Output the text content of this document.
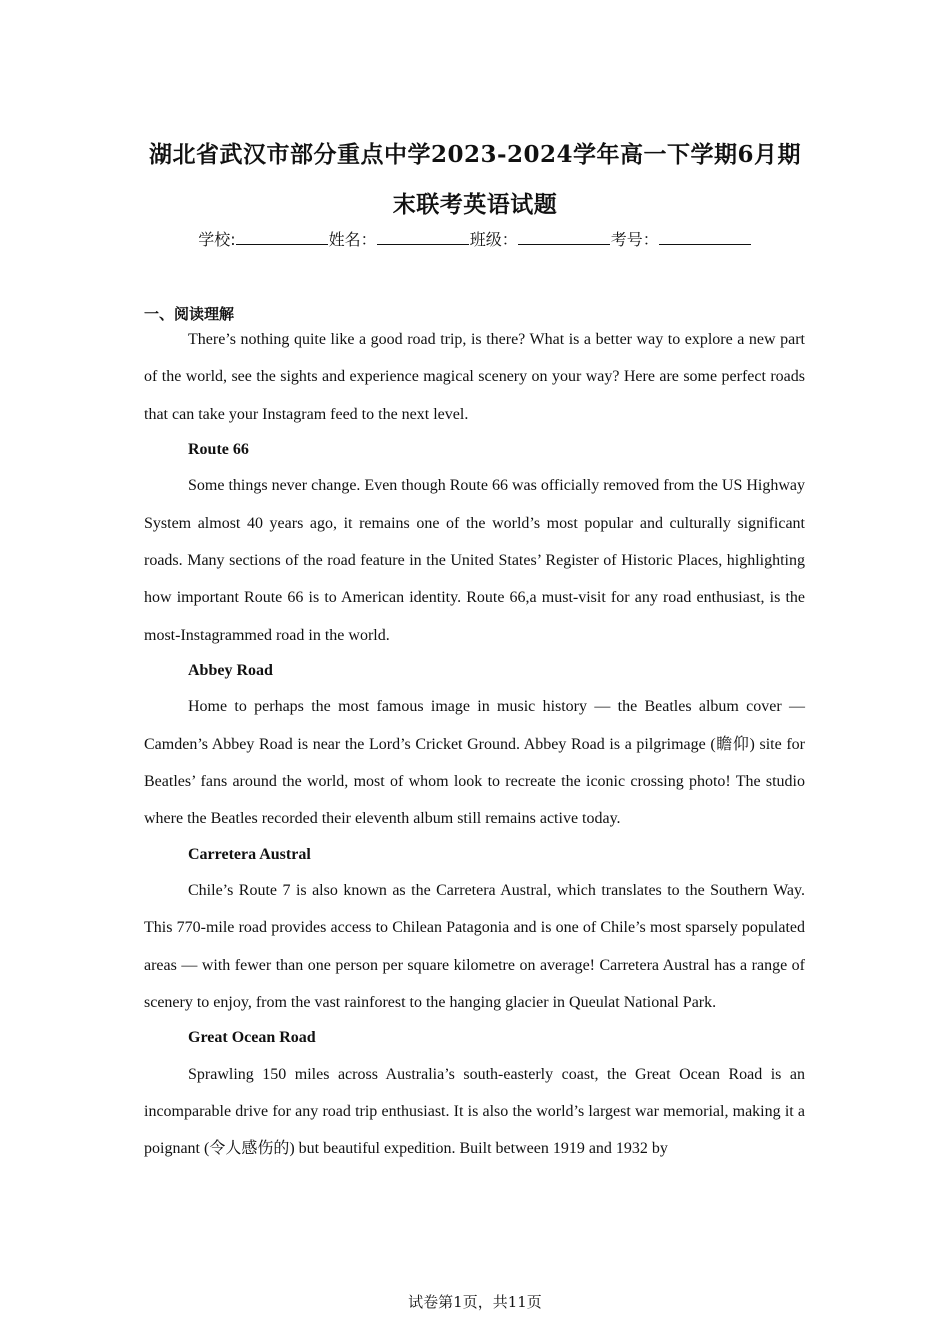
湖北省武汉市部分重点中学2023-2024学年高一下学期6月期
末联考英语试题
学校:	姓名：	班级：	考号：
一、阅读理解

There’s nothing quite like a good road trip, is there? What is a better way to explore a new part of the world, see the sights and experience magical scenery on your way? Here are some perfect roads that can take your Instagram feed to the next level.

Route 66

Some things never change. Even though Route 66 was officially removed from the US Highway System almost 40 years ago, it remains one of the world’s most popular and culturally significant roads. Many sections of the road feature in the United States’ Register of Historic Places, highlighting how important Route 66 is to American identity. Route 66,a must-visit for any road enthusiast, is the most-Instagrammed road in the world.

Abbey Road

Home to perhaps the most famous image in music history — the Beatles album cover — Camden’s Abbey Road is near the Lord’s Cricket Ground. Abbey Road is a pilgrimage (瞻仰) site for Beatles’ fans around the world, most of whom look to recreate the iconic crossing photo! The studio where the Beatles recorded their eleventh album still remains active today.

Carretera Austral

Chile’s Route 7 is also known as the Carretera Austral, which translates to the Southern Way. This 770-mile road provides access to Chilean Patagonia and is one of Chile’s most sparsely populated areas — with fewer than one person per square kilometre on average! Carretera Austral has a range of scenery to enjoy, from the vast rainforest to the hanging glacier in Queulat National Park.

Great Ocean Road

Sprawling 150 miles across Australia’s south-easterly coast, the Great Ocean Road is an incomparable drive for any road trip enthusiast. It is also the world’s largest war memorial, making it a poignant (令人感伤的) but beautiful expedition. Built between 1919 and 1932 by

试卷第1页，共11页
